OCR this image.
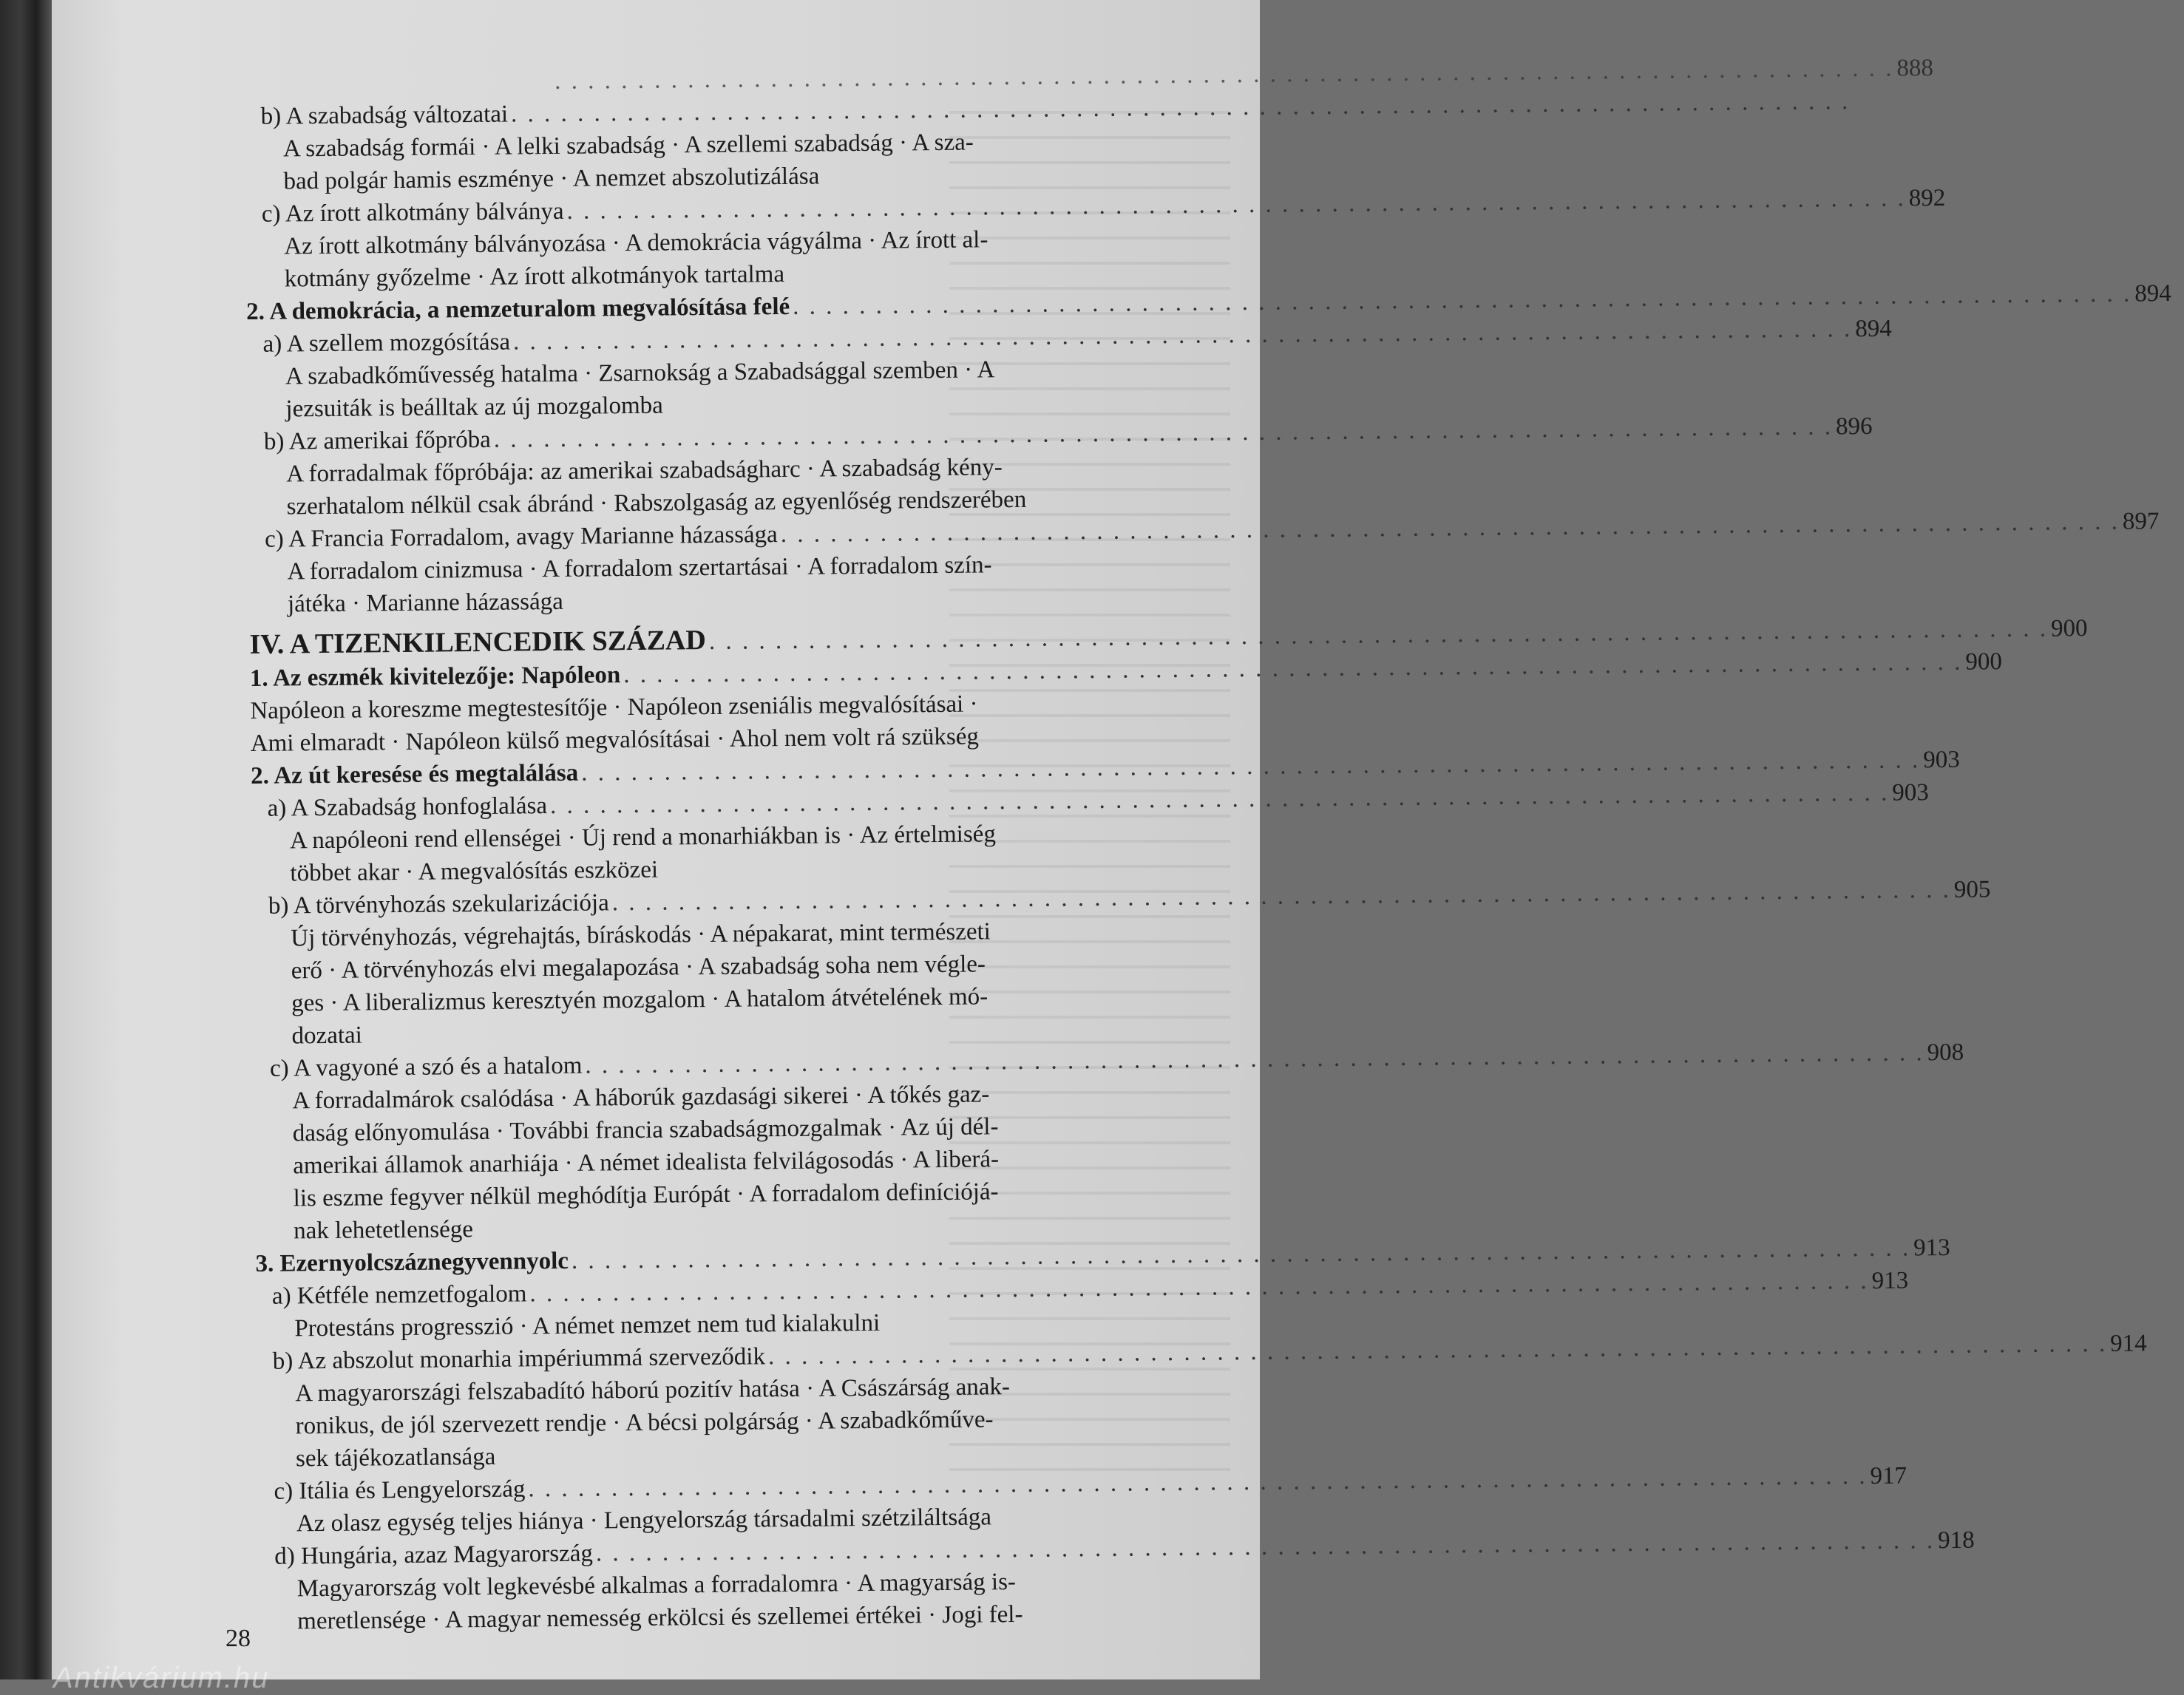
. . . . . . . . . . . . . . . . . . . . . . . . . . . . . . . . . . . . . . . . . . . . . . . . . . . . . . . . . . . . . . . . . . . . . . . . . . . . . . . . . 888
b) A szabadság változatai . . . . . . . . . . . . . . . . . . . . . . . . . . . . . . . . . . . . . . . . . . . . . . . . . . . . . . . . . . . . . . . . . . . . . . . . . . . . . . . . .
A szabadság formái · A lelki szabadság · A szellemi szabadság · A sza-
bad polgár hamis eszménye · A nemzet abszolutizálása
c) Az írott alkotmány bálványa . . . . . . . . . . . . . . . . . . . . . . . . . . . . . . . . . . . . . . . . . . . . . . . . . . . . . . . . . . . . . . . . . . . . . . . . . . . . . . . . . 892
Az írott alkotmány bálványozása · A demokrácia vágyálma · Az írott al-
kotmány győzelme · Az írott alkotmányok tartalma
2. A demokrácia, a nemzeturalom megvalósítása felé . . . . . . . . . . . . . . . . . . . . . . . . . . . . . . . . . . . . . . . . . . . . . . . . . . . . . . . . . . . . . . . . . . . . . . . . . . . . . . . . . 894
a) A szellem mozgósítása . . . . . . . . . . . . . . . . . . . . . . . . . . . . . . . . . . . . . . . . . . . . . . . . . . . . . . . . . . . . . . . . . . . . . . . . . . . . . . . . . 894
A szabadkőművesség hatalma · Zsarnokság a Szabadsággal szemben · A
jezsuiták is beálltak az új mozgalomba
b) Az amerikai főpróba . . . . . . . . . . . . . . . . . . . . . . . . . . . . . . . . . . . . . . . . . . . . . . . . . . . . . . . . . . . . . . . . . . . . . . . . . . . . . . . . . 896
A forradalmak főpróbája: az amerikai szabadságharc · A szabadság kény-
szerhatalom nélkül csak ábránd · Rabszolgaság az egyenlőség rendszerében
c) A Francia Forradalom, avagy Marianne házassága . . . . . . . . . . . . . . . . . . . . . . . . . . . . . . . . . . . . . . . . . . . . . . . . . . . . . . . . . . . . . . . . . . . . . . . . . . . . . . . . . 897
A forradalom cinizmusa · A forradalom szertartásai · A forradalom szín-
játéka · Marianne házassága
IV. A TIZENKILENCEDIK SZÁZAD . . . . . . . . . . . . . . . . . . . . . . . . . . . . . . . . . . . . . . . . . . . . . . . . . . . . . . . . . . . . . . . . . . . . . . . . . . . . . . . . . 900
1. Az eszmék kivitelezője: Napóleon . . . . . . . . . . . . . . . . . . . . . . . . . . . . . . . . . . . . . . . . . . . . . . . . . . . . . . . . . . . . . . . . . . . . . . . . . . . . . . . . . 900
Napóleon a koreszme megtestesítője · Napóleon zseniális megvalósításai ·
Ami elmaradt · Napóleon külső megvalósításai · Ahol nem volt rá szükség
2. Az út keresése és megtalálása . . . . . . . . . . . . . . . . . . . . . . . . . . . . . . . . . . . . . . . . . . . . . . . . . . . . . . . . . . . . . . . . . . . . . . . . . . . . . . . . . 903
a) A Szabadság honfoglalása . . . . . . . . . . . . . . . . . . . . . . . . . . . . . . . . . . . . . . . . . . . . . . . . . . . . . . . . . . . . . . . . . . . . . . . . . . . . . . . . . 903
A napóleoni rend ellenségei · Új rend a monarhiákban is · Az értelmiség
többet akar · A megvalósítás eszközei
b) A törvényhozás szekularizációja . . . . . . . . . . . . . . . . . . . . . . . . . . . . . . . . . . . . . . . . . . . . . . . . . . . . . . . . . . . . . . . . . . . . . . . . . . . . . . . . . 905
Új törvényhozás, végrehajtás, bíráskodás · A népakarat, mint természeti
erő · A törvényhozás elvi megalapozása · A szabadság soha nem végle-
ges · A liberalizmus keresztyén mozgalom · A hatalom átvételének mó-
dozatai
c) A vagyoné a szó és a hatalom . . . . . . . . . . . . . . . . . . . . . . . . . . . . . . . . . . . . . . . . . . . . . . . . . . . . . . . . . . . . . . . . . . . . . . . . . . . . . . . . . 908
A forradalmárok csalódása · A háborúk gazdasági sikerei · A tőkés gaz-
daság előnyomulása · További francia szabadságmozgalmak · Az új dél-
amerikai államok anarhiája · A német idealista felvilágosodás · A liberá-
lis eszme fegyver nélkül meghódítja Európát · A forradalom definíciójá-
nak lehetetlensége
3. Ezernyolcszáznegyvennyolc . . . . . . . . . . . . . . . . . . . . . . . . . . . . . . . . . . . . . . . . . . . . . . . . . . . . . . . . . . . . . . . . . . . . . . . . . . . . . . . . . 913
a) Kétféle nemzetfogalom . . . . . . . . . . . . . . . . . . . . . . . . . . . . . . . . . . . . . . . . . . . . . . . . . . . . . . . . . . . . . . . . . . . . . . . . . . . . . . . . . 913
Protestáns progresszió · A német nemzet nem tud kialakulni
b) Az abszolut monarhia impériummá szerveződik . . . . . . . . . . . . . . . . . . . . . . . . . . . . . . . . . . . . . . . . . . . . . . . . . . . . . . . . . . . . . . . . . . . . . . . . . . . . . . . . . 914
A magyarországi felszabadító háború pozitív hatása · A Császárság anak-
ronikus, de jól szervezett rendje · A bécsi polgárság · A szabadkőműve-
sek tájékozatlansága
c) Itália és Lengyelország . . . . . . . . . . . . . . . . . . . . . . . . . . . . . . . . . . . . . . . . . . . . . . . . . . . . . . . . . . . . . . . . . . . . . . . . . . . . . . . . . 917
Az olasz egység teljes hiánya · Lengyelország társadalmi szétziláltsága
d) Hungária, azaz Magyarország . . . . . . . . . . . . . . . . . . . . . . . . . . . . . . . . . . . . . . . . . . . . . . . . . . . . . . . . . . . . . . . . . . . . . . . . . . . . . . . . . 918
Magyarország volt legkevésbé alkalmas a forradalomra · A magyarság is-
meretlensége · A magyar nemesség erkölcsi és szellemei értékei · Jogi fel-
28
Antikvárium.hu
